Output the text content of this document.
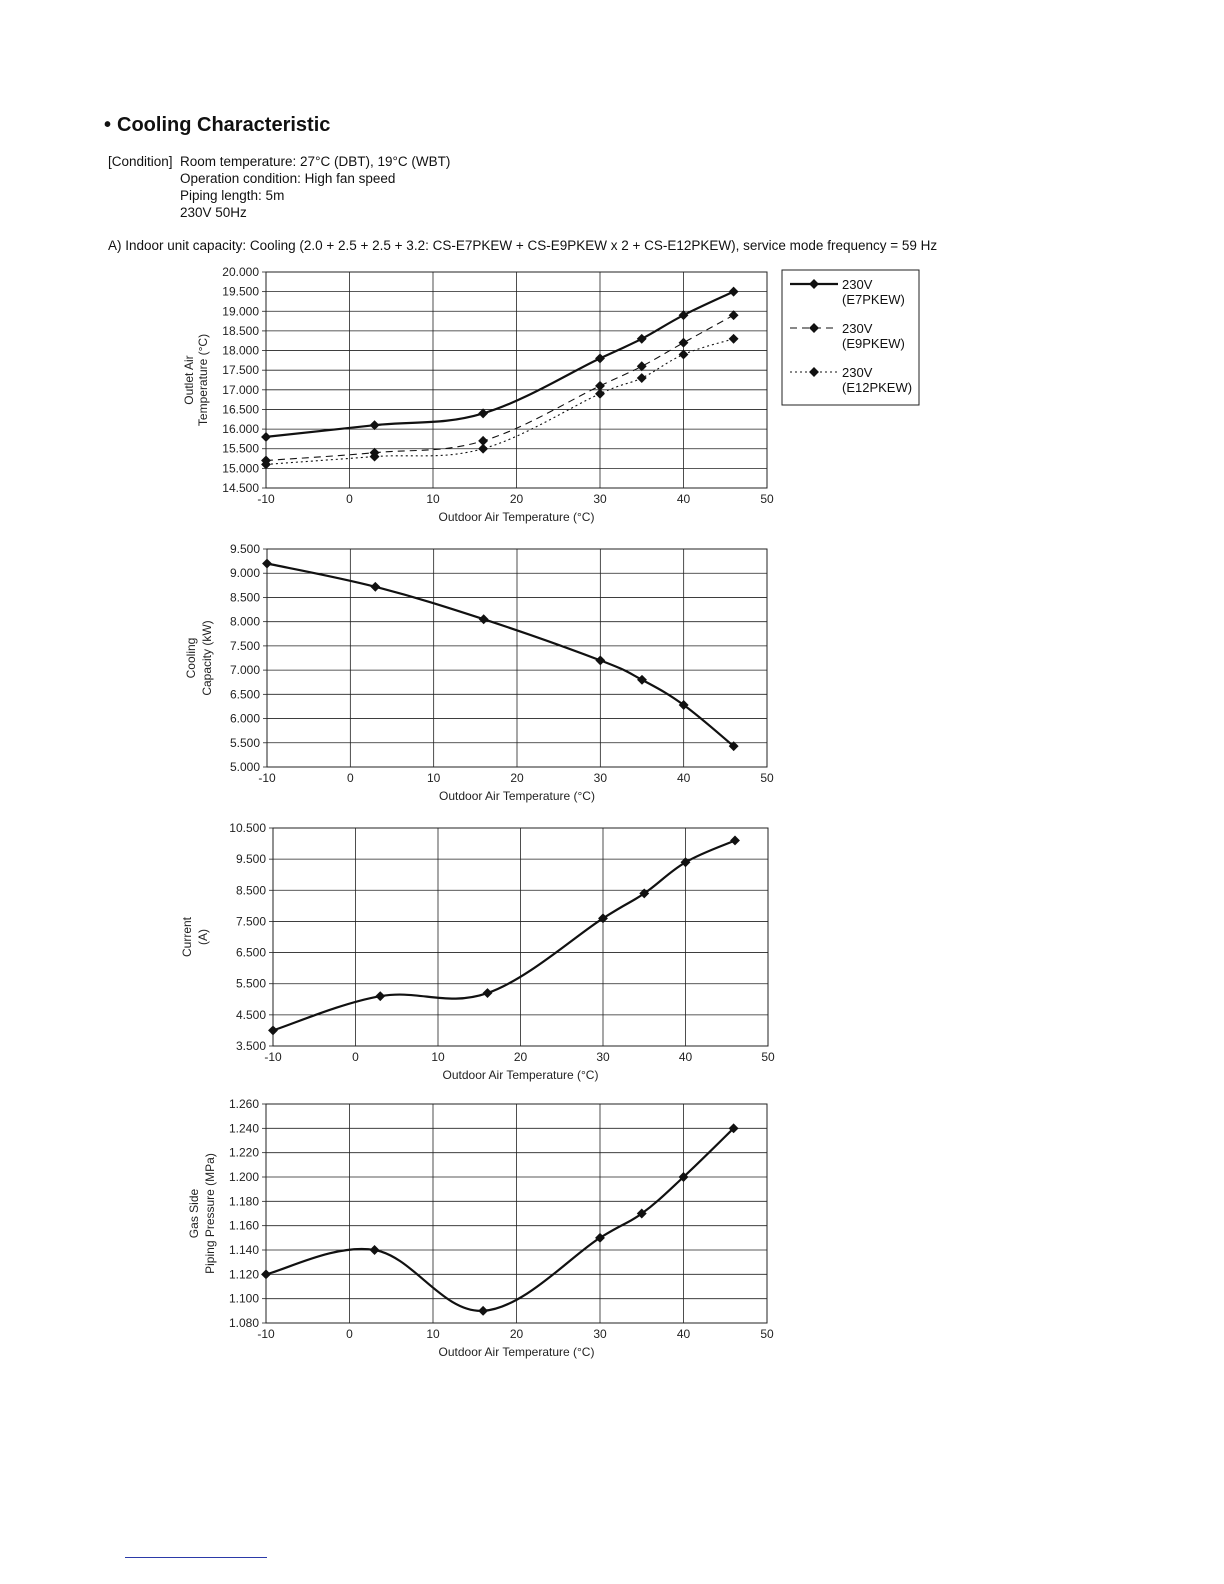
• Cooling Characteristic
[Condition] Room temperature: 27°C (DBT), 19°C (WBT)
Operation condition: High fan speed
Piping length: 5m
230V 50Hz
A) Indoor unit capacity: Cooling (2.0 + 2.5 + 2.5 + 3.2: CS-E7PKEW + CS-E9PKEW x 2 + CS-E12PKEW), service mode frequency = 59 Hz
14.500
15.000
15.500
16.000
16.500
17.000
17.500
18.000
18.500
19.000
19.500
20.000
-10	0	10	20	30	40	50
Outdoor Air Temperature (°C)
Outlet Air Temperature (°C)
230V
(E7PKEW)
230V
(E9PKEW)
230V
(E12PKEW)
5.000
5.500
6.000
6.500
7.000
7.500
8.000
8.500
9.000
9.500
-10	0	10	20	30	40	50
Outdoor Air Temperature (°C)
Cooling Capacity (kW)
3.500
4.500
5.500
6.500
7.500
8.500
9.500
10.500
-10	0	10	20	30	40	50
Outdoor Air Temperature (°C)
Current (A)
1.080
1.100
1.120
1.140
1.160
1.180
1.200
1.220
1.240
1.260
-10	0	10	20	30	40	50
Outdoor Air Temperature (°C)
Gas Side Piping Pressure (MPa)
